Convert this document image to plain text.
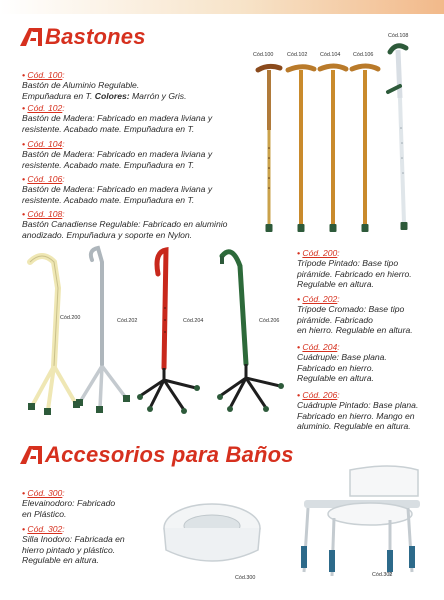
Bastones
• Cód. 100:
Bastón de Aluminio Regulable.
Empuñadura en T. Colores: Marrón y Gris.
• Cód. 102:
Bastón de Madera: Fabricado en madera liviana y
resistente. Acabado mate. Empuñadura en T.
• Cód. 104:
Bastón de Madera: Fabricado en madera liviana y
resistente. Acabado mate. Empuñadura en T.
• Cód. 106:
Bastón de Madera: Fabricado en madera liviana y
resistente. Acabado mate. Empuñadura en T.
• Cód. 108:
Bastón Canadiense Regulable: Fabricado en aluminio
anodizado. Empuñadura y soporte en Nylon.
Cód.100	Cód.102 Cód.104 Cód.106
Cód.108
Cód.200	Cód.202	Cód.204	Cód.206
• Cód. 200:
Trípode Pintado: Base tipo
pirámide. Fabricado en hierro.
Regulable en altura.
• Cód. 202:
Trípode Cromado: Base tipo
pirámide. Fabricado
en hierro. Regulable en altura.
• Cód. 204:
Cuádruple: Base plana.
Fabricado en hierro.
Regulable en altura.
• Cód. 206:
Cuádruple Pintado: Base plana.
Fabricado en hierro. Mango en
aluminio. Regulable en altura.
Accesorios para Baños
• Cód. 300:
Elevainodoro: Fabricado
en Plástico.
• Cód. 302:
Silla Inodoro: Fabricada en
hierro pintado y plástico.
Regulable en altura.
Cód.300	Cód.302
